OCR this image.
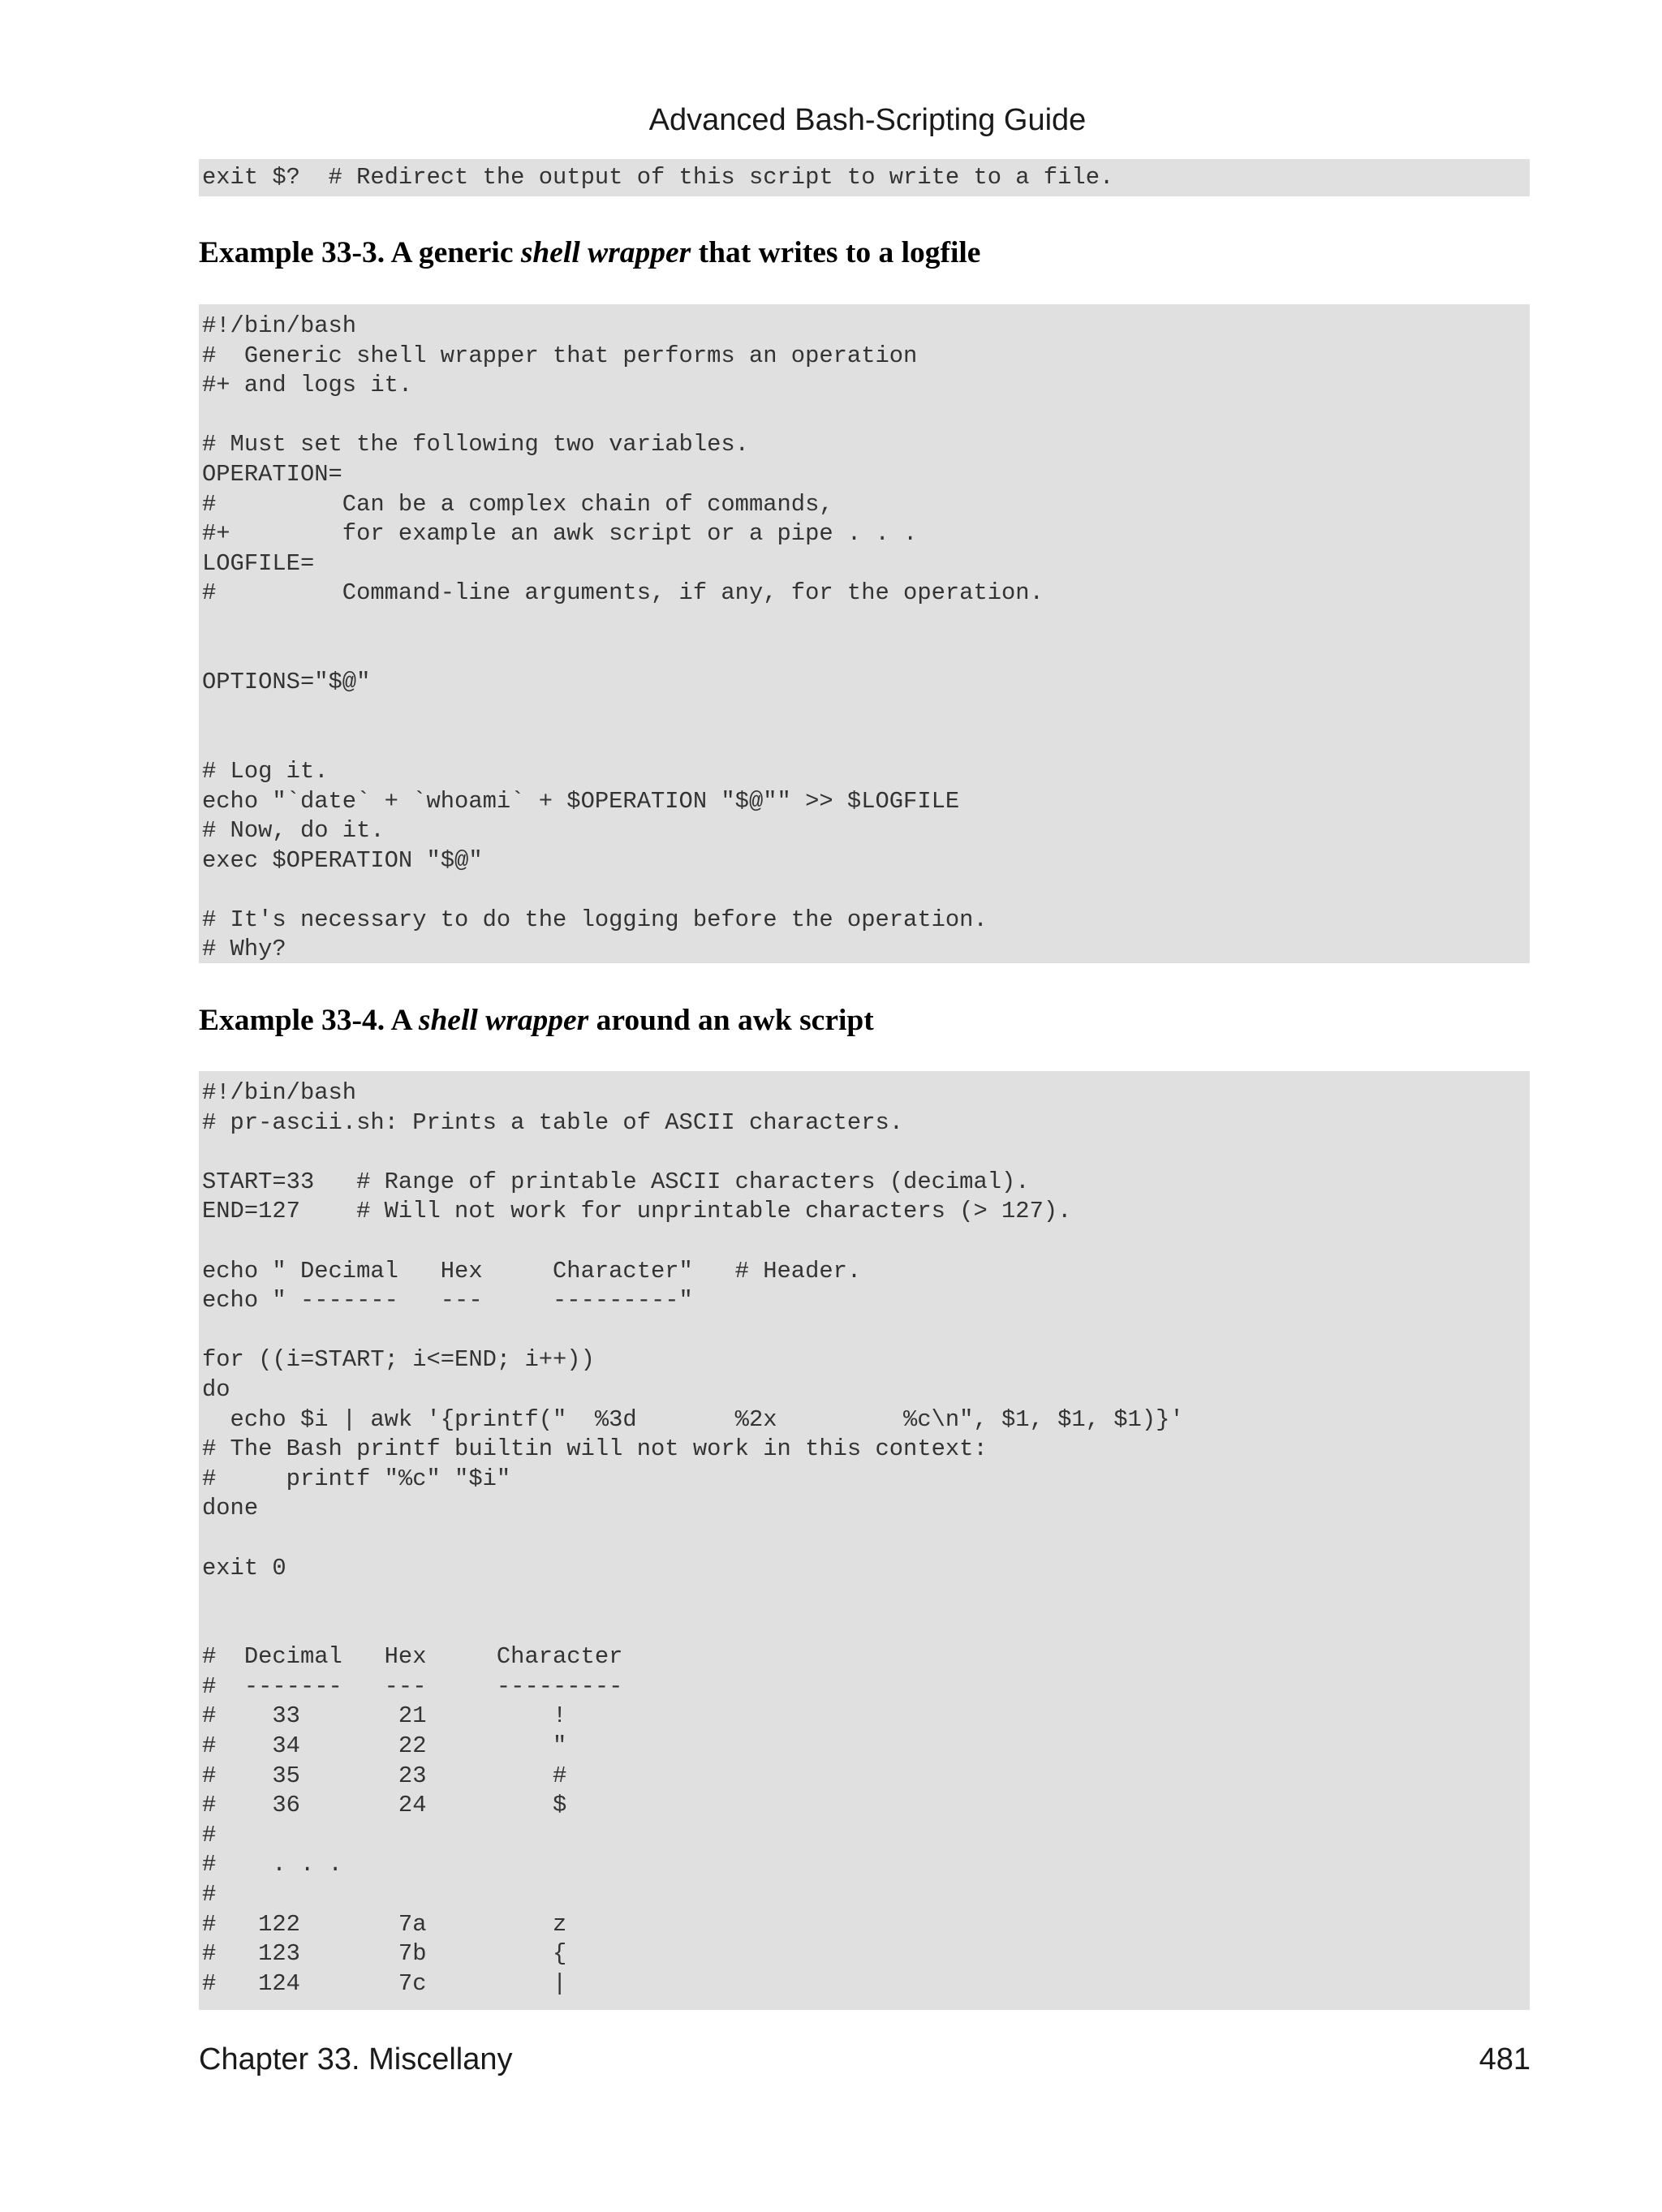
Advanced Bash-Scripting Guide
exit $?  # Redirect the output of this script to write to a file.
Example 33-3. A generic shell wrapper that writes to a logfile
#!/bin/bash
#  Generic shell wrapper that performs an operation
#+ and logs it.

# Must set the following two variables.
OPERATION=
#         Can be a complex chain of commands,
#+        for example an awk script or a pipe . . .
LOGFILE=
#         Command-line arguments, if any, for the operation.

OPTIONS="$@"

# Log it.
echo "`date` + `whoami` + $OPERATION "$@"" >> $LOGFILE
# Now, do it.
exec $OPERATION "$@"

# It's necessary to do the logging before the operation.
# Why?
Example 33-4. A shell wrapper around an awk script
#!/bin/bash
# pr-ascii.sh: Prints a table of ASCII characters.

START=33   # Range of printable ASCII characters (decimal).
END=127    # Will not work for unprintable characters (> 127).

echo " Decimal   Hex     Character"   # Header.
echo " -------   ---     ---------"

for ((i=START; i<=END; i++))
do
echo $i | awk '{printf("  %3d       %2x         %c\n", $1, $1, $1)}'
# The Bash printf builtin will not work in this context:
#     printf "%c" "$i"
done

exit 0

#  Decimal   Hex     Character
#  -------   ---     ---------
#    33       21         !
#    34       22         "
#    35       23         #
#    36       24         $
#
#    . . .
#
#   122       7a         z
#   123       7b         {
#   124       7c         |
Chapter 33. Miscellany	481
